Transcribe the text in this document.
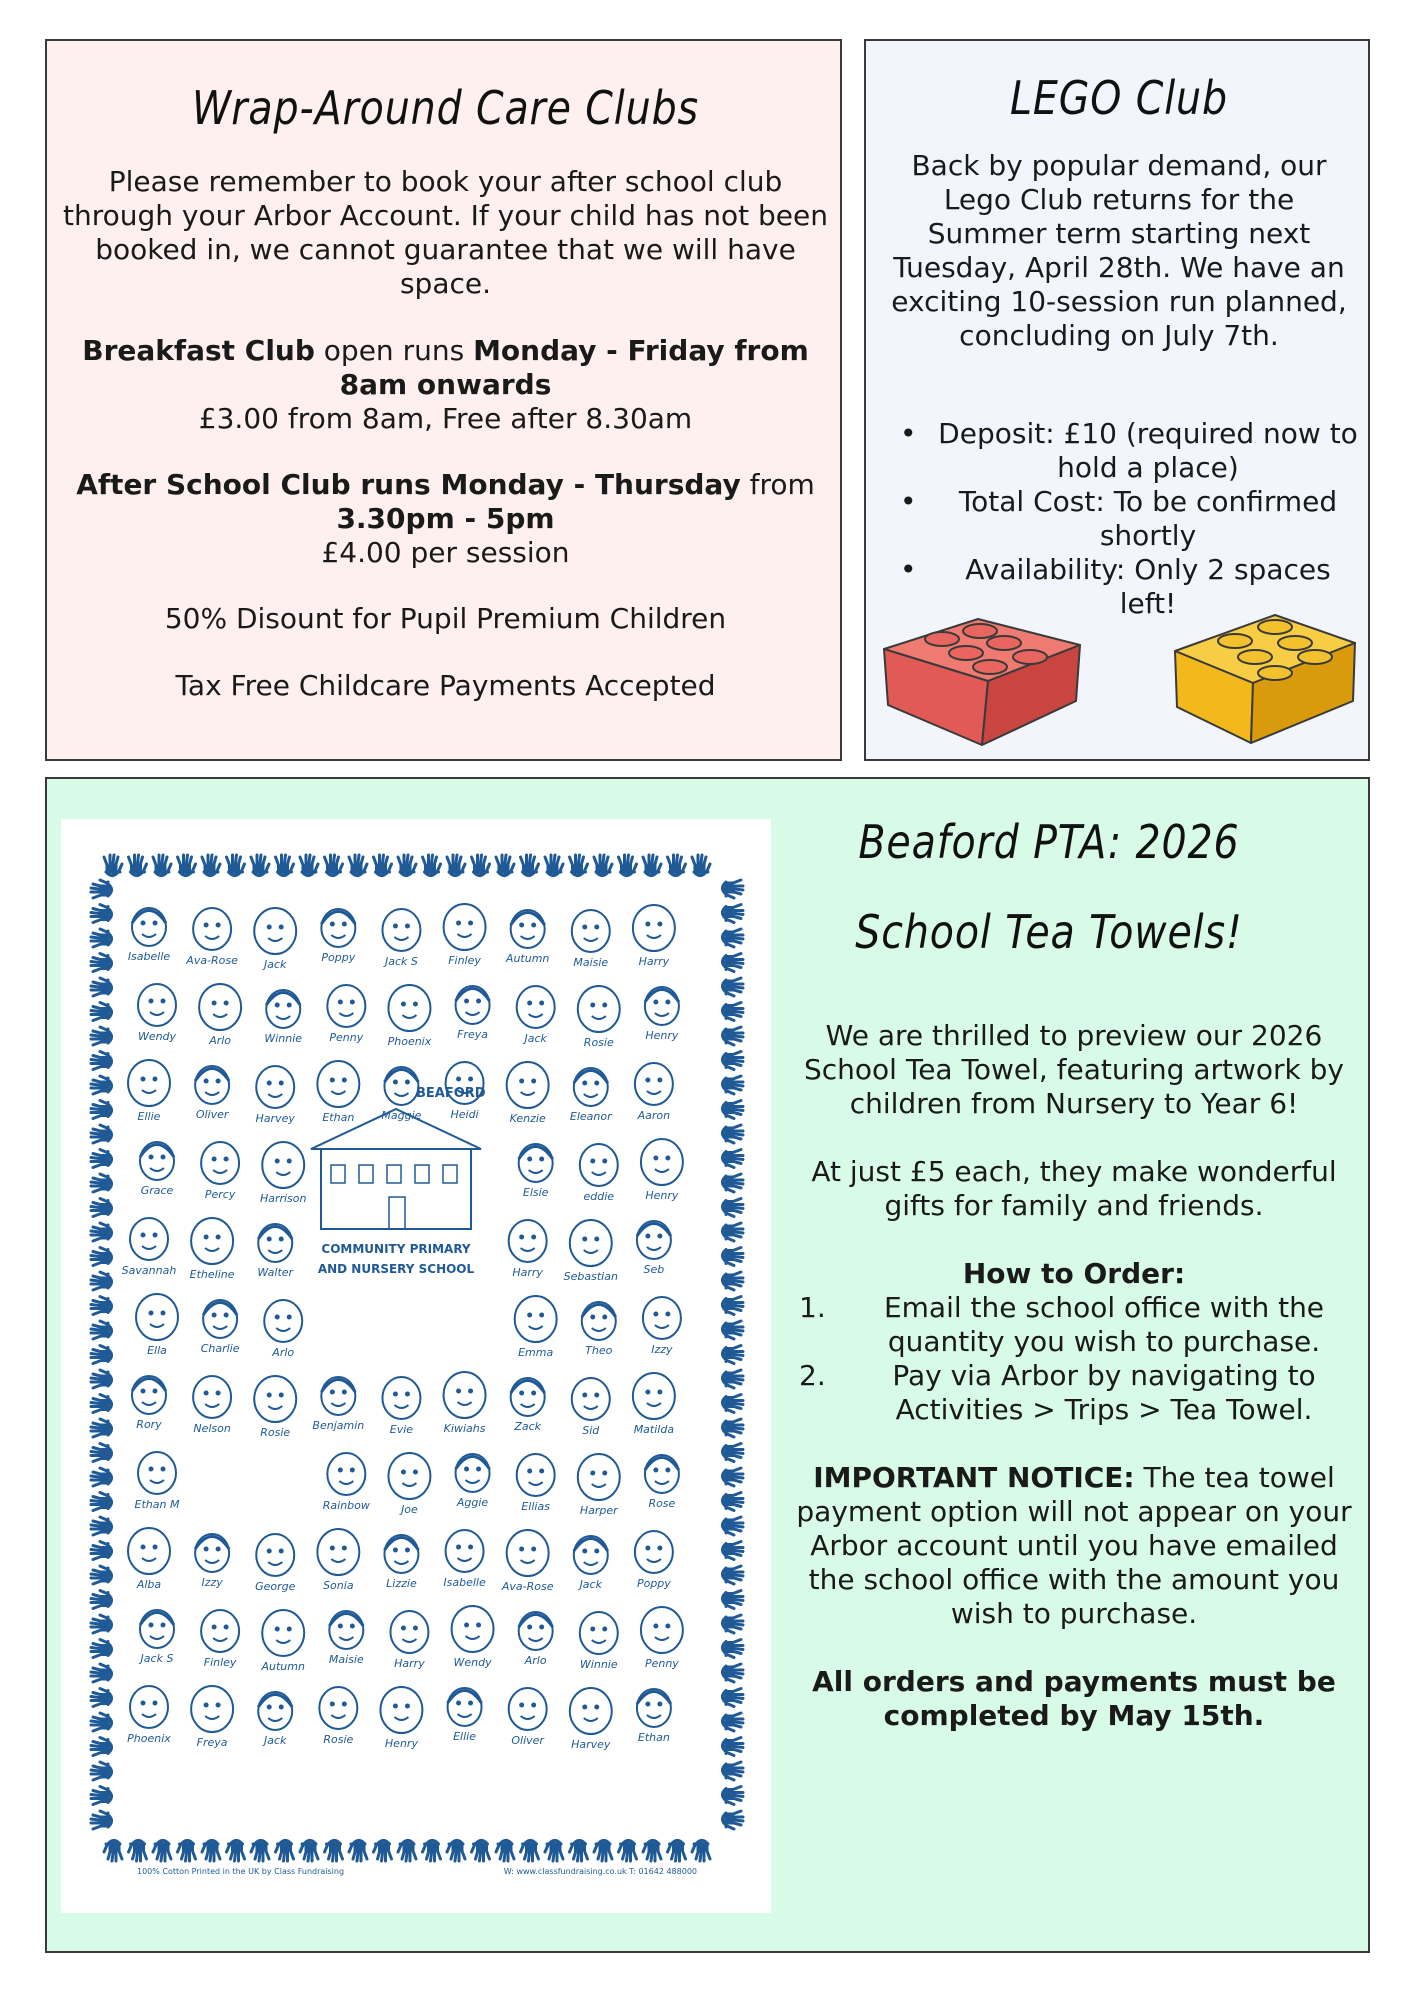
Wrap-Around Care Clubs

Please remember to book your after school club through your Arbor Account. If your child has not been booked in, we cannot guarantee that we will have space.

Breakfast Club open runs Monday - Friday from 8am onwards
£3.00 from 8am, Free after 8.30am

After School Club runs Monday - Thursday from 3.30pm - 5pm
£4.00 per session

50% Disount for Pupil Premium Children

Tax Free Childcare Payments Accepted

LEGO Club

Back by popular demand, our Lego Club returns for the Summer term starting next Tuesday, April 28th. We have an exciting 10-session run planned, concluding on July 7th.

• Deposit: £10 (required now to hold a place)
• Total Cost: To be confirmed shortly
• Availability: Only 2 spaces left!
Isabelle Ava-Rose Jack
Poppy	Jack S	Finley Autumn Maisie	Harry
Wendy	Arlo	Winnie Penny Phoenix
Freya	Jack	Rosie
Henry
Ellie	Oliver Harvey Ethan Maggie	Heidi	Kenzie Eleanor Aaron
Grace	Percy Harrison	Elsie	eddie	Henry
Savannah Etheline Walter	Harry Sebastian
Seb
Ella	Charlie	Arlo	Emma	Theo	Izzy
Rory	Nelson	Rosie
Benjamin Evie	Kiwiahs	Zack	Sid	Matilda
Ethan M	Rainbow	Joe
Aggie	Ellias	Harper
Rose
Alba	Izzy	George	Sonia	Lizzie Isabelle Ava-Rose Jack	Poppy
Jack S	Finley Autumn
Maisie	Harry	Wendy	Arlo	Winnie Penny
Phoenix Freya	Jack	Rosie	Henry
Ellie	Oliver Harvey
Ethan
BEAFORD
COMMUNITY PRIMARY
AND NURSERY SCHOOL
100% Cotton Printed in the UK by Class Fundraising	W: www.classfundraising.co.uk T: 01642 488000
Beaford PTA: 2026
School Tea Towels!

We are thrilled to preview our 2026 School Tea Towel, featuring artwork by children from Nursery to Year 6!

At just £5 each, they make wonderful gifts for family and friends.

How to Order:

1. Email the school office with the quantity you wish to purchase.
2. Pay via Arbor by navigating to Activities > Trips > Tea Towel.

IMPORTANT NOTICE: The tea towel payment option will not appear on your Arbor account until you have emailed the school office with the amount you wish to purchase.

All orders and payments must be completed by May 15th.
